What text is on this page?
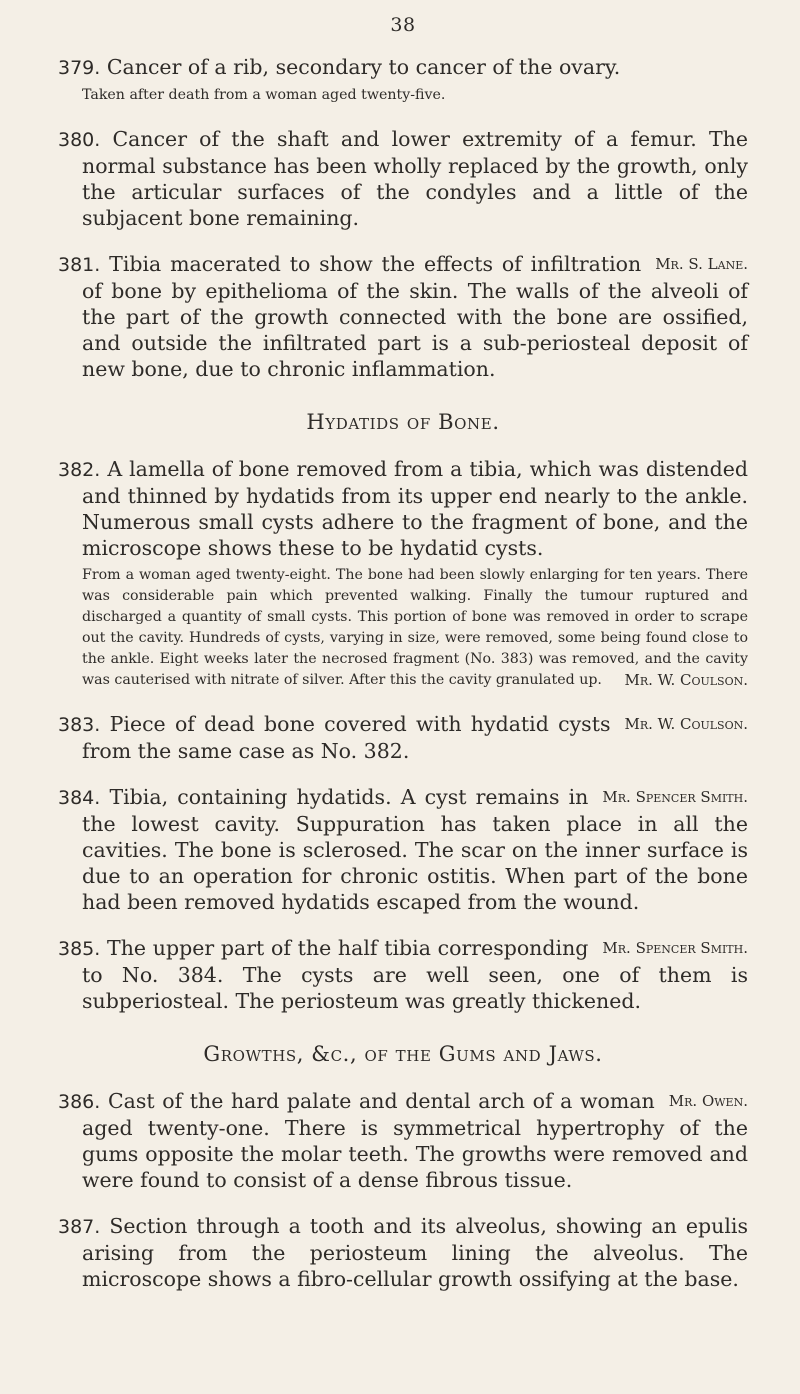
38
379. Cancer of a rib, secondary to cancer of the ovary.
Taken after death from a woman aged twenty-five.
380. Cancer of the shaft and lower extremity of a femur. The normal substance has been wholly replaced by the growth, only the articular surfaces of the condyles and a little of the subjacent bone remaining.
Mr. S. Lane.
381. Tibia macerated to show the effects of infiltration of bone by epithelioma of the skin. The walls of the alveoli of the part of the growth connected with the bone are ossified, and outside the infiltrated part is a sub-periosteal deposit of new bone, due to chronic inflammation.
Hydatids of Bone.
382. A lamella of bone removed from a tibia, which was distended and thinned by hydatids from its upper end nearly to the ankle. Numerous small cysts adhere to the fragment of bone, and the microscope shows these to be hydatid cysts.
From a woman aged twenty-eight. The bone had been slowly enlarging for ten years. There was considerable pain which prevented walking. Finally the tumour ruptured and discharged a quantity of small cysts. This portion of bone was removed in order to scrape out the cavity. Hundreds of cysts, varying in size, were removed, some being found close to the ankle. Eight weeks later the necrosed fragment (No. 383) was removed, and the cavity was cauterised with nitrate of silver. After this the cavity granulated up. Mr. W. Coulson.
Mr. W. Coulson.
383. Piece of dead bone covered with hydatid cysts from the same case as No. 382.
Mr. Spencer Smith.
384. Tibia, containing hydatids. A cyst remains in the lowest cavity. Suppuration has taken place in all the cavities. The bone is sclerosed. The scar on the inner surface is due to an operation for chronic ostitis. When part of the bone had been removed hydatids escaped from the wound.
Mr. Spencer Smith.
385. The upper part of the half tibia corresponding to No. 384. The cysts are well seen, one of them is subperiosteal. The periosteum was greatly thickened.
Growths, &c., of the Gums and Jaws.
Mr. Owen.
386. Cast of the hard palate and dental arch of a woman aged twenty-one. There is symmetrical hypertrophy of the gums opposite the molar teeth. The growths were removed and were found to consist of a dense fibrous tissue.
387. Section through a tooth and its alveolus, showing an epulis arising from the periosteum lining the alveolus. The microscope shows a fibro-cellular growth ossifying at the base.
